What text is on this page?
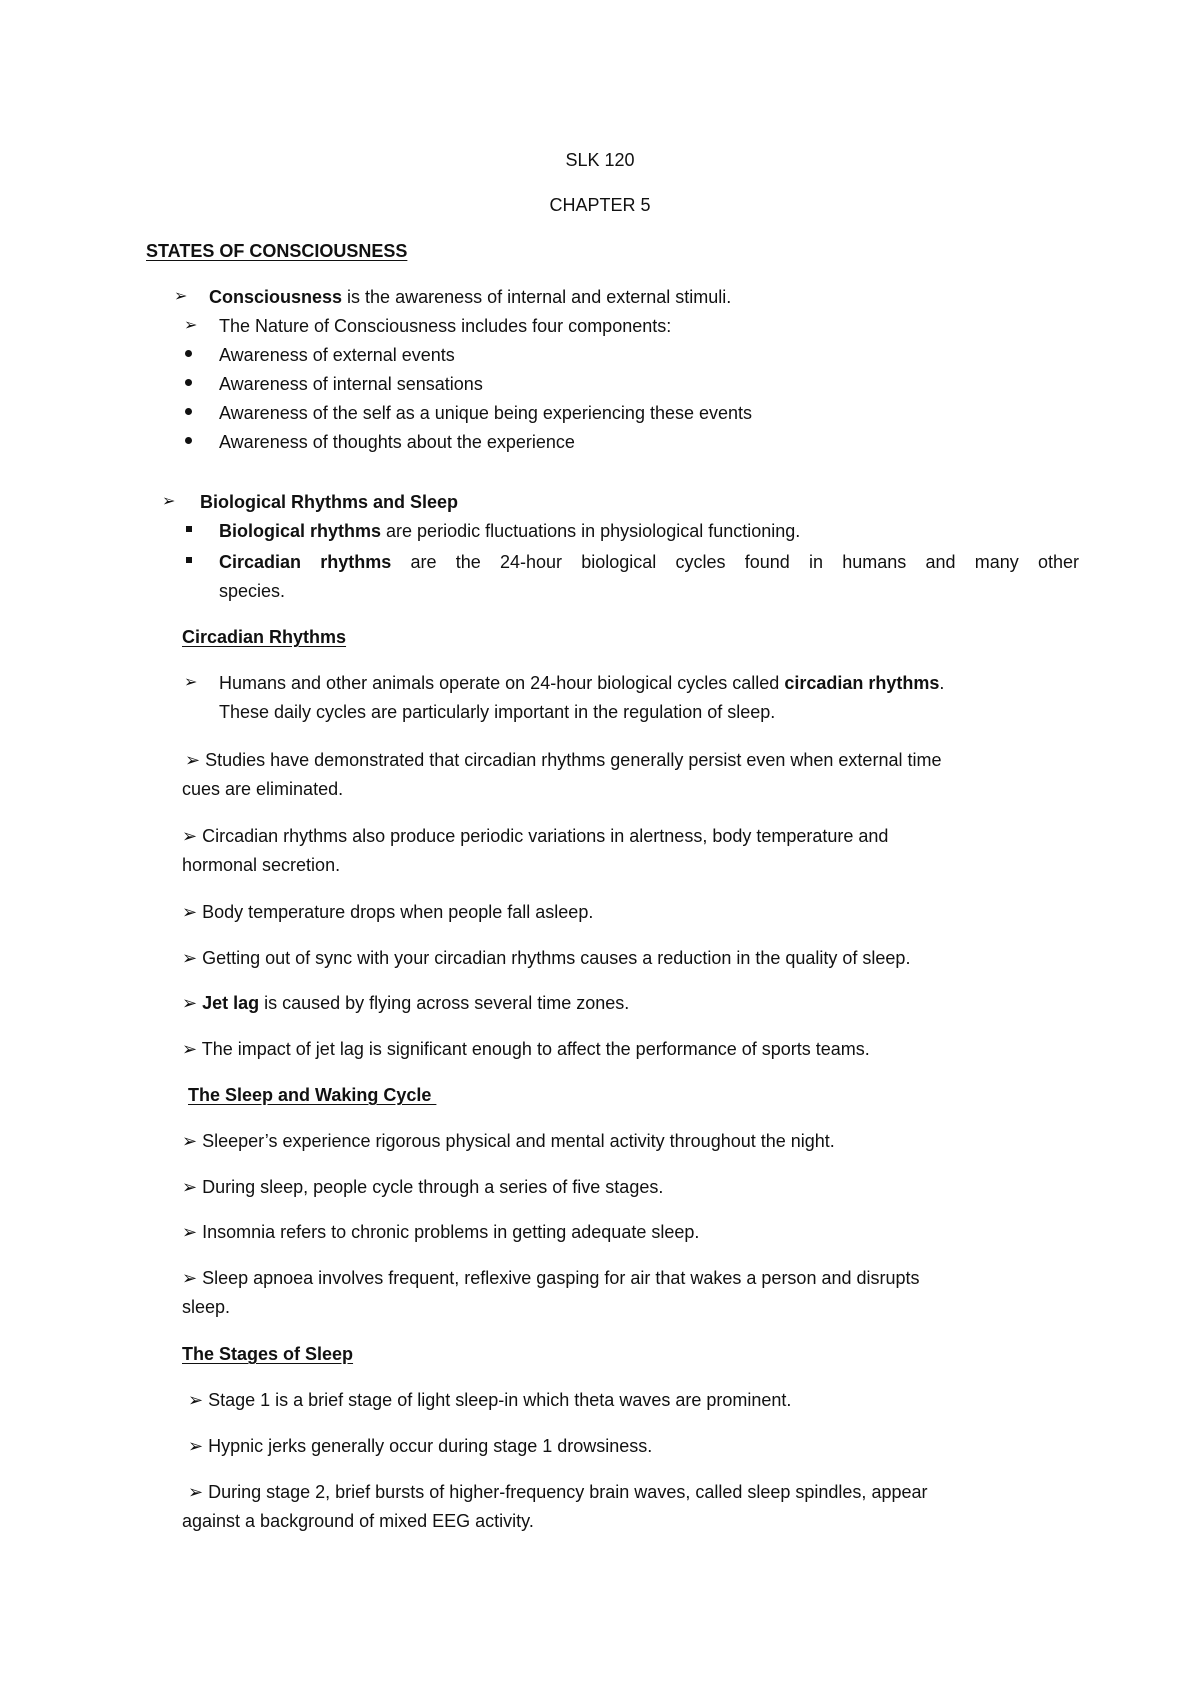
SLK 120
CHAPTER 5
STATES OF CONSCIOUSNESS
➢ Consciousness is the awareness of internal and external stimuli.
➢ The Nature of Consciousness includes four components:
Awareness of external events
Awareness of internal sensations
Awareness of the self as a unique being experiencing these events
Awareness of thoughts about the experience
➢ Biological Rhythms and Sleep
Biological rhythms are periodic fluctuations in physiological functioning.
Circadian rhythms are the 24-hour biological cycles found in humans and many other
species.
Circadian Rhythms
➢ Humans and other animals operate on 24-hour biological cycles called circadian rhythms.
These daily cycles are particularly important in the regulation of sleep.
➢ Studies have demonstrated that circadian rhythms generally persist even when external time
cues are eliminated.
➢ Circadian rhythms also produce periodic variations in alertness, body temperature and
hormonal secretion.
➢ Body temperature drops when people fall asleep.
➢ Getting out of sync with your circadian rhythms causes a reduction in the quality of sleep.
➢ Jet lag is caused by flying across several time zones.
➢ The impact of jet lag is significant enough to affect the performance of sports teams.
The Sleep and Waking Cycle
➢ Sleeper’s experience rigorous physical and mental activity throughout the night.
➢ During sleep, people cycle through a series of five stages.
➢ Insomnia refers to chronic problems in getting adequate sleep.
➢ Sleep apnoea involves frequent, reflexive gasping for air that wakes a person and disrupts
sleep.
The Stages of Sleep
➢ Stage 1 is a brief stage of light sleep-in which theta waves are prominent.
➢ Hypnic jerks generally occur during stage 1 drowsiness.
➢ During stage 2, brief bursts of higher-frequency brain waves, called sleep spindles, appear
against a background of mixed EEG activity.
